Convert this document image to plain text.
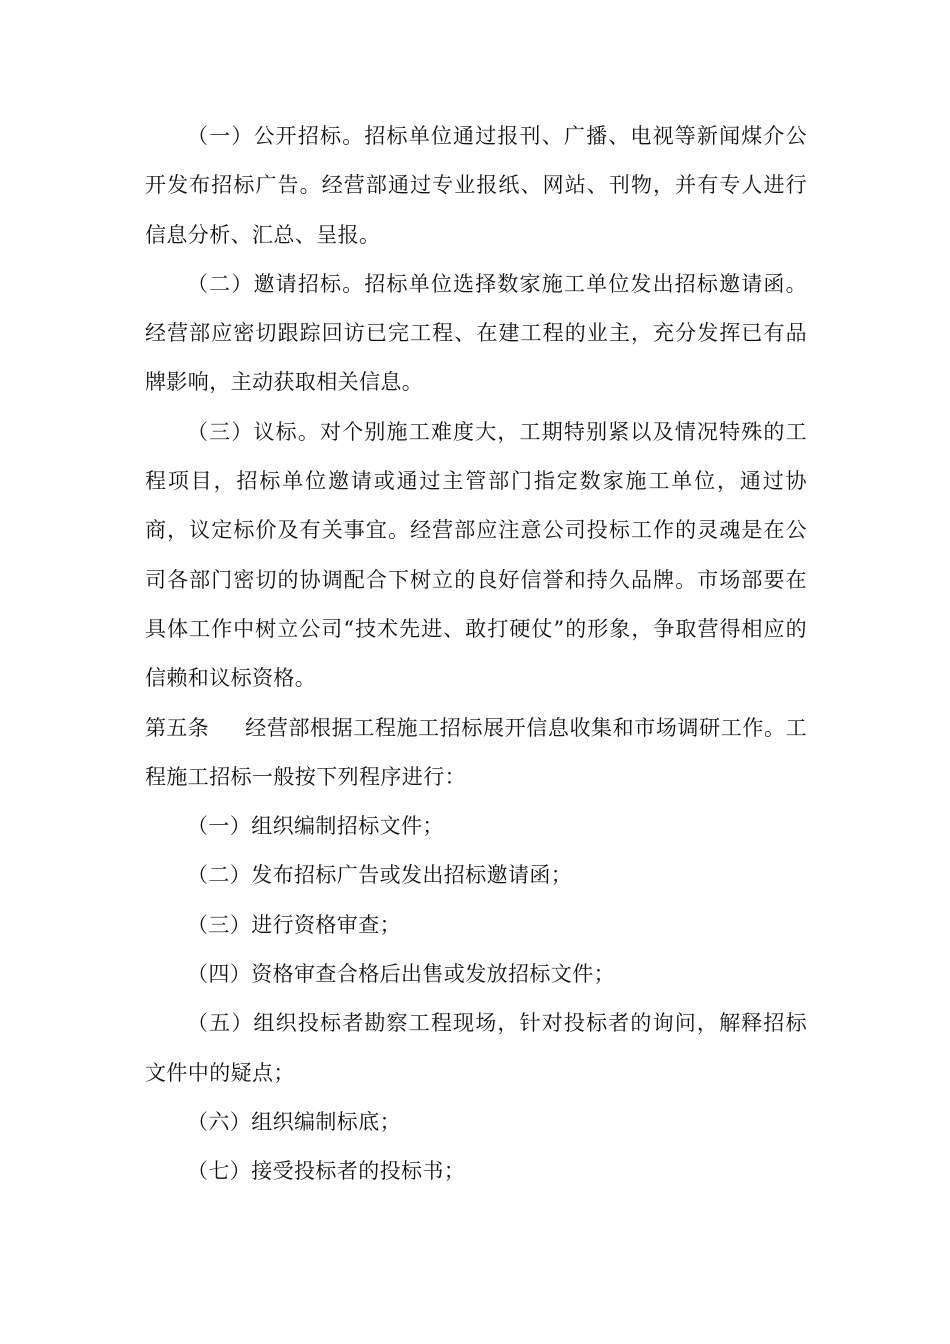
（一）公开招标。招标单位通过报刊、广播、电视等新闻煤介公开发布招标广告。经营部通过专业报纸、网站、刊物，并有专人进行信息分析、汇总、呈报。

（二）邀请招标。招标单位选择数家施工单位发出招标邀请函。经营部应密切跟踪回访已完工程、在建工程的业主，充分发挥已有品牌影响，主动获取相关信息。

（三）议标。对个别施工难度大，工期特别紧以及情况特殊的工程项目，招标单位邀请或通过主管部门指定数家施工单位，通过协商，议定标价及有关事宜。经营部应注意公司投标工作的灵魂是在公司各部门密切的协调配合下树立的良好信誉和持久品牌。市场部要在具体工作中树立公司“技术先进、敢打硬仗”的形象，争取营得相应的信赖和议标资格。

第五条 经营部根据工程施工招标展开信息收集和市场调研工作。工程施工招标一般按下列程序进行：

（一）组织编制招标文件；

（二）发布招标广告或发出招标邀请函；

（三）进行资格审查；

（四）资格审查合格后出售或发放招标文件；

（五）组织投标者勘察工程现场，针对投标者的询问，解释招标文件中的疑点；

（六）组织编制标底；

（七）接受投标者的投标书；
